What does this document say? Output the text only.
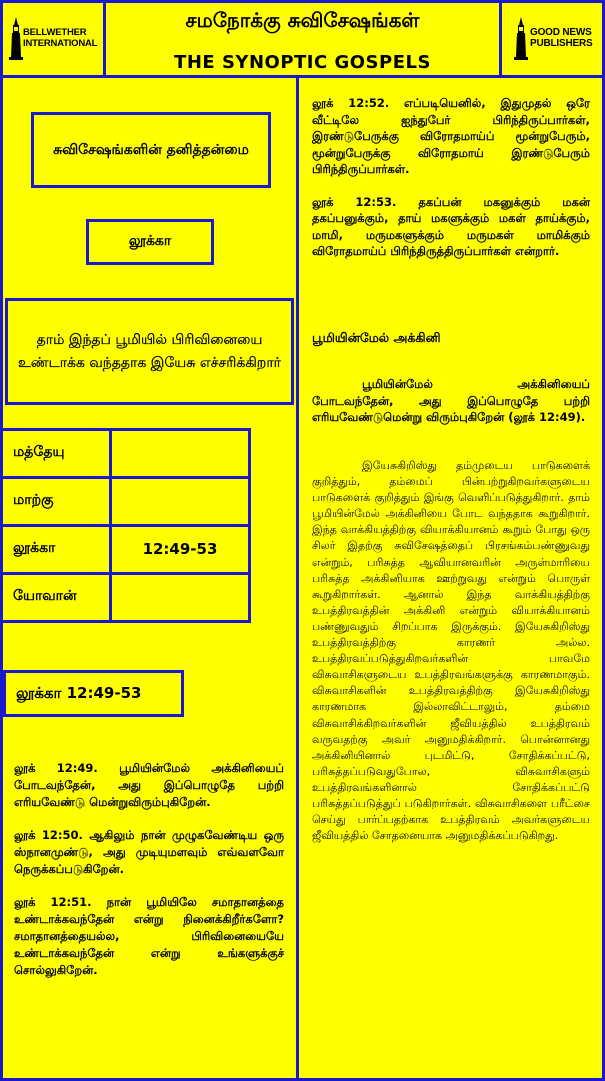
BELLWETHER INTERNATIONAL
சமநோக்கு சுவிசேஷங்கள்
THE SYNOPTIC GOSPELS
GOOD NEWS PUBLISHERS
சுவிசேஷங்களின் தனித்தன்மை
லூக்கா
தாம் இந்தப் பூமியில் பிரிவினையை உண்டாக்க வந்ததாக இயேசு எச்சரிக்கிறார்
மத்தேயு
மாற்கு
லூக்கா	12:49-53
யோவான்
லூக்கா 12:49-53

லூக் 12:49. பூமியின்மேல் அக்கினியைப் போடவந்தேன், அது இப்பொழுதே பற்றி எரியவேண்டு மென்றுவிரும்புகிறேன்.

லூக் 12:50. ஆகிலும் நான் முழுகவேண்டிய ஒரு ஸ்நானமுண்டு, அது முடியுமளவும் எவ்வளவோ நெருக்கப்படுகிறேன்.

லூக் 12:51. நான் பூமியிலே சமாதானத்தை உண்டாக்கவந்தேன் என்று நினைக்கிறீர்களோ? சமாதானத்தையல்ல, பிரிவினையையே உண்டாக்கவந்தேன் என்று உங்களுக்குச் சொல்லுகிறேன்.

லூக் 12:52. எப்படியெனில், இதுமுதல் ஒரே வீட்டிலே ஐந்துபேர் பிரிந்திருப்பார்கள், இரண்டுபேருக்கு விரோதமாய்ப் மூன்றுபேரும், மூன்றுபேருக்கு விரோதமாய் இரண்டுபேரும் பிரிந்திருப்பார்கள்.

லூக் 12:53. தகப்பன் மகனுக்கும் மகன் தகப்பனுக்கும், தாய் மகளுக்கும் மகள் தாய்க்கும், மாமி, மருமகளுக்கும் மருமகள் மாமிக்கும் விரோதமாய்ப் பிரிந்திருத்திருப்பார்கள் என்றார்.

பூமியின்மேல் அக்கினி

பூமியின்மேல் அக்கினியைப் போடவந்தேன், அது இப்பொழுதே பற்றி எரியவேண்டுமென்று விரும்புகிறேன் (லூக் 12:49).

இயேசுகிறிஸ்து தம்முடைய பாடுகளைக் குறித்தும், தம்மைப் பின்பற்றுகிறவர்களுடைய பாடுகளைக் குறித்தும் இங்கு வெளிப்படுத்துகிறார். தாம் பூமியின்மேல் அக்கினியை போட வந்ததாக கூறுகிறார். இந்த வாக்கியத்திற்கு வியாக்கியானம் கூறும் போது ஒரு சிலர் இதற்கு சுவிசேஷத்தைப் பிரசங்கம்பண்ணுவது என்றும், பரிசுத்த ஆவியானவரின் அருள்மாரியை பரிசுத்த அக்கினியாக ஊற்றுவது என்றும் பொருள் கூறுகிறார்கள். ஆனால் இந்த வாக்கியத்திற்கு உபத்திரவத்தின் அக்கினி என்றும் வியாக்கியானம் பண்ணுவதும் சிறப்பாக இருக்கும். இயேசுகிறிஸ்து உபத்திரவத்திற்கு காரணர் அல்ல. உபத்திரவப்படுத்துகிறவர்களின் பாவமே விசுவாசிகளுடைய உபத்திரவங்களுக்கு காரணமாகும். விசுவாசிகளின் உபத்திரவத்திற்கு இயேசுகிறிஸ்து காரணமாக இல்லாவிட்டாலும், தம்மை விசுவாசிக்கிறவர்களின் ஜீவியத்தில் உபத்திரவம் வருவதற்கு அவர் அனுமதிக்கிறார். பொன்னானது அக்கினியினால் புடமிட்டு, சோதிக்கப்பட்டு, பரிசுத்தப்படுவதுபோல, விசுவாசிகளும் உபத்திரவங்களினால் சோதிக்கப்பட்டு பரிசுத்தப்படுத்துப் படுகிறார்கள். விசுவாசிகளை பரீட்சை செய்து பார்ப்பதற்காக உபத்திரவம் அவர்களுடைய ஜீவியத்தில் சோதனையாக அனுமதிக்கப்படுகிறது.
